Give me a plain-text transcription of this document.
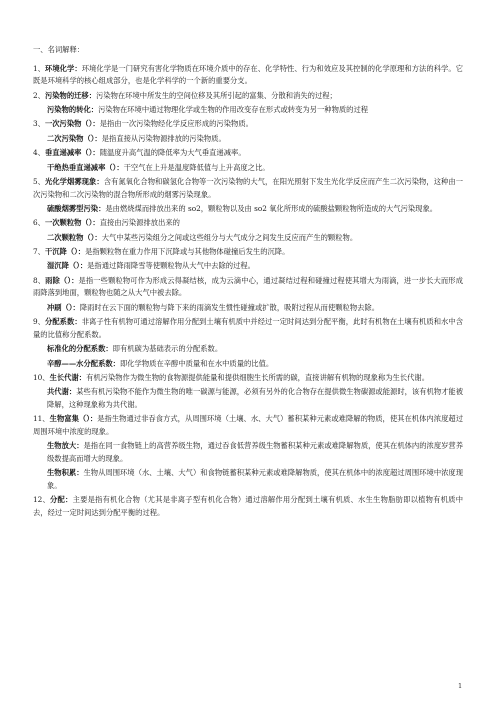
一、名词解释：
1、环境化学：环境化学是一门研究有害化学物质在环境介质中的存在、化学特性、行为和效应及其控制的化学原理和方法的科学。它既是环境科学的核心组成部分，也是化学科学的一个新的重要分支。
2、污染物的迁移：污染物在环境中所发生的空间位移及其所引起的富集、分散和消失的过程；
污染物的转化：污染物在环境中通过物理化学或生物的作用改变存在形式或转变为另一种物质的过程
3、一次污染物（）：是指由一次污染物经化学反应形成的污染物质。
二次污染物（）：是指直接从污染物源排放的污染物质。
4、垂直递减率（）：随温度升高气温的降低率为大气垂直递减率。
干绝热垂直递减率（）：干空气在上升是温度降低值与上升高度之比。
5、光化学烟雾现象：含有氮氧化合物和碳氢化合物等一次污染物的大气，在阳光照射下发生光化学反应而产生二次污染物，这种由一次污染物和二次污染物的混合物所形成的烟雾污染现象。
硫酸烟雾型污染：是由燃烧煤而排放出来的 so2，颗粒物以及由 so2 氧化所形成的硫酸盐颗粒物所造成的大气污染现象。
6、一次颗粒物（）：直接由污染源排放出来的
二次颗粒物（）：大气中某些污染组分之间或这些组分与大气成分之间发生反应而产生的颗粒物。
7、干沉降（）：是指颗粒物在重力作用下沉降或与其他物体碰撞后发生的沉降。
湿沉降（）：是指通过降雨降雪等使颗粒物从大气中去除的过程。
8、雨除（）：是指一些颗粒物可作为形成云得凝结核，成为云滴中心，通过凝结过程和碰撞过程使其增大为雨滴，进一步长大而形成雨降落到地面，颗粒物也随之从大气中被去除。
冲刷（）：降雨时在云下面的颗粒物与降下来的雨滴发生惯性碰撞或扩散，吸附过程从而使颗粒物去除。
9、分配系数：非离子性有机物可通过溶解作用分配到土壤有机质中并经过一定时间达到分配平衡，此时有机物在土壤有机质和水中含量的比值称分配系数。
标准化的分配系数：即有机碳为基础表示的分配系数。
辛醇——水分配系数：即化学物质在辛醇中质量和在水中质量的比值。
10、生长代谢：有机污染物作为微生物的食物源提供能量和提供细胞生长所需的碳，直接讲解有机物的现象称为生长代谢。
共代谢：某些有机污染物不能作为微生物的唯一碳源与能源，必须有另外的化合物存在提供微生物碳源或能源时，该有机物才能被降解，这种现象称为共代谢。
11、生物富集（）：是指生物通过非吞食方式，从周围环境（土壤、水、大气）蓄积某种元素或难降解的物质，使其在机体内浓度超过周围环境中浓度的现象。
生物放大：是指在同一食物链上的高营养级生物，通过吞食低营养级生物蓄积某种元素或难降解物质，使其在机体内的浓度岁营养级数提高而增大的现象。
生物积累：生物从周围环境（水、土壤、大气）和食物链蓄积某种元素或难降解物质，使其在机体中的浓度超过周围环境中浓度现象。
12、分配：主要是指有机化合物（尤其是非离子型有机化合物）通过溶解作用分配到土壤有机质、水生生物脂肪即以植物有机质中去，经过一定时间达到分配平衡的过程。
1
